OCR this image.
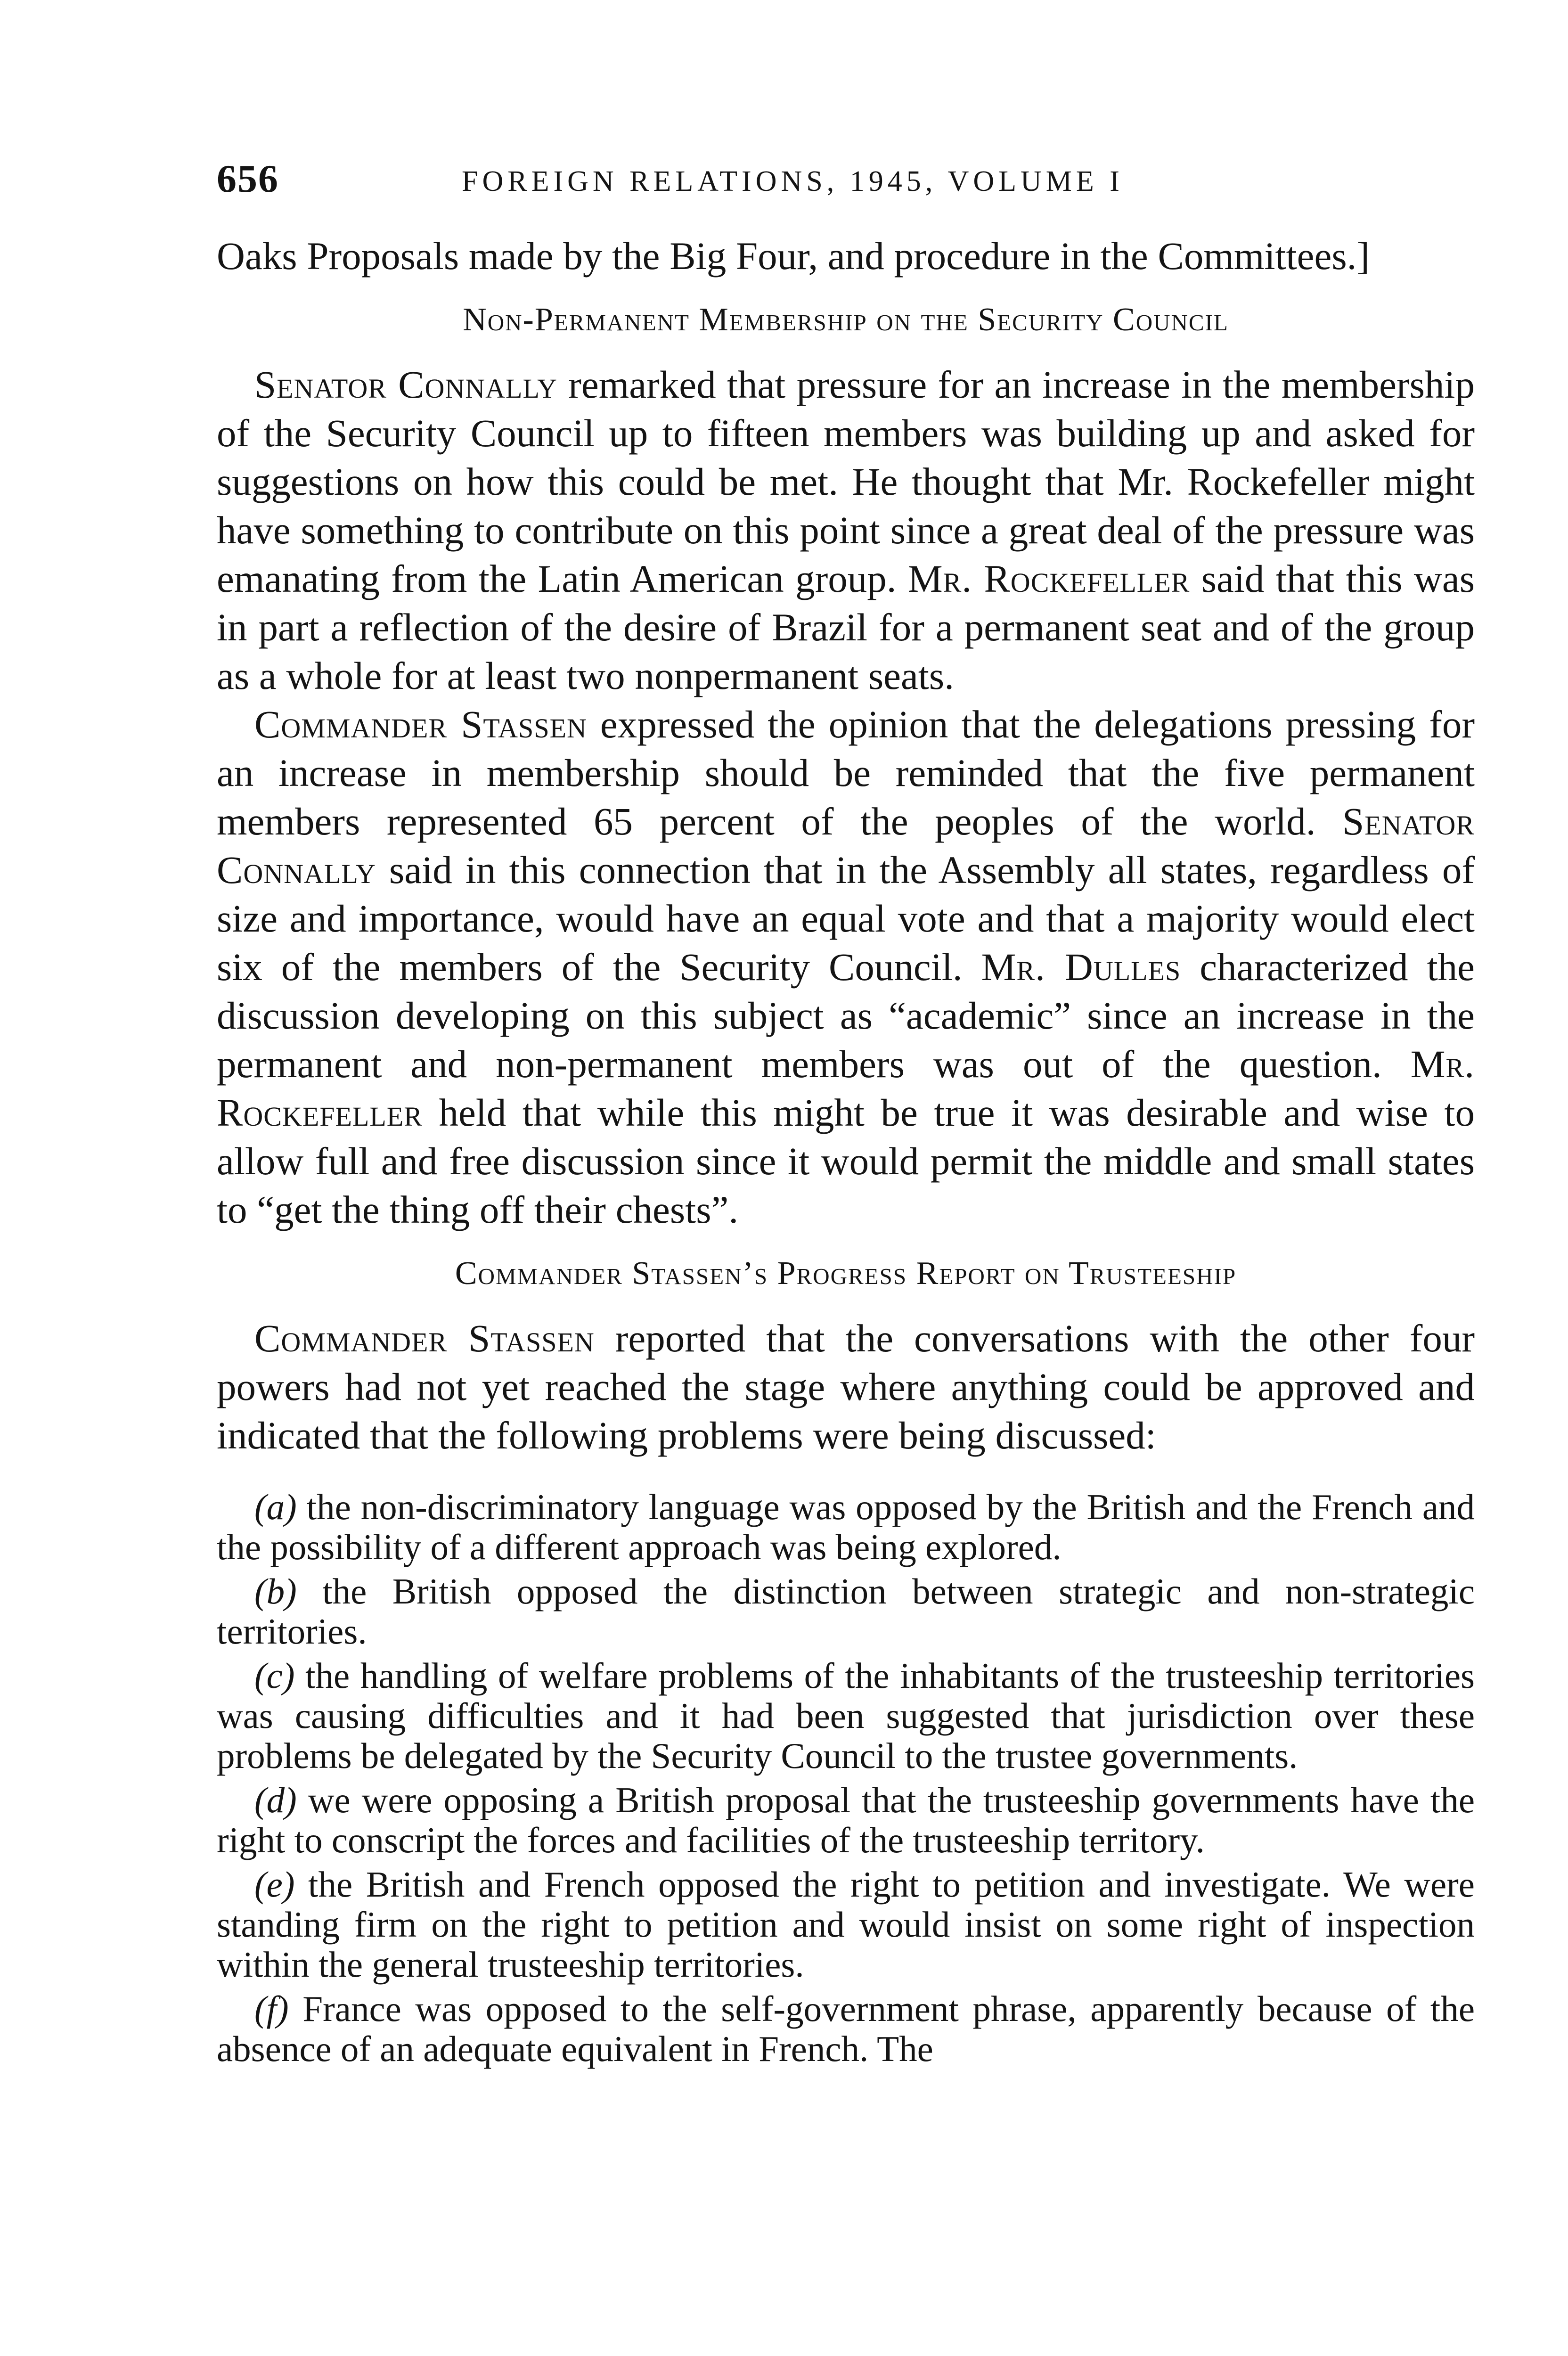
656	FOREIGN RELATIONS, 1945, VOLUME I

Oaks Proposals made by the Big Four, and procedure in the Committees.]

Non-Permanent Membership on the Security Council

Senator Connally remarked that pressure for an increase in the membership of the Security Council up to fifteen members was building up and asked for suggestions on how this could be met. He thought that Mr. Rockefeller might have something to contribute on this point since a great deal of the pressure was emanating from the Latin American group. Mr. Rockefeller said that this was in part a reflection of the desire of Brazil for a permanent seat and of the group as a whole for at least two nonpermanent seats.

Commander Stassen expressed the opinion that the delegations pressing for an increase in membership should be reminded that the five permanent members represented 65 percent of the peoples of the world. Senator Connally said in this connection that in the Assembly all states, regardless of size and importance, would have an equal vote and that a majority would elect six of the members of the Security Council. Mr. Dulles characterized the discussion developing on this subject as “academic” since an increase in the permanent and non-permanent members was out of the question. Mr. Rockefeller held that while this might be true it was desirable and wise to allow full and free discussion since it would permit the middle and small states to “get the thing off their chests”.

Commander Stassen’s Progress Report on Trusteeship

Commander Stassen reported that the conversations with the other four powers had not yet reached the stage where anything could be approved and indicated that the following problems were being discussed:

(a) the non-discriminatory language was opposed by the British and the French and the possibility of a different approach was being explored.

(b) the British opposed the distinction between strategic and non-strategic territories.

(c) the handling of welfare problems of the inhabitants of the trusteeship territories was causing difficulties and it had been suggested that jurisdiction over these problems be delegated by the Security Council to the trustee governments.

(d) we were opposing a British proposal that the trusteeship governments have the right to conscript the forces and facilities of the trusteeship territory.

(e) the British and French opposed the right to petition and investigate. We were standing firm on the right to petition and would insist on some right of inspection within the general trusteeship territories.

(f) France was opposed to the self-government phrase, apparently because of the absence of an adequate equivalent in French. The
